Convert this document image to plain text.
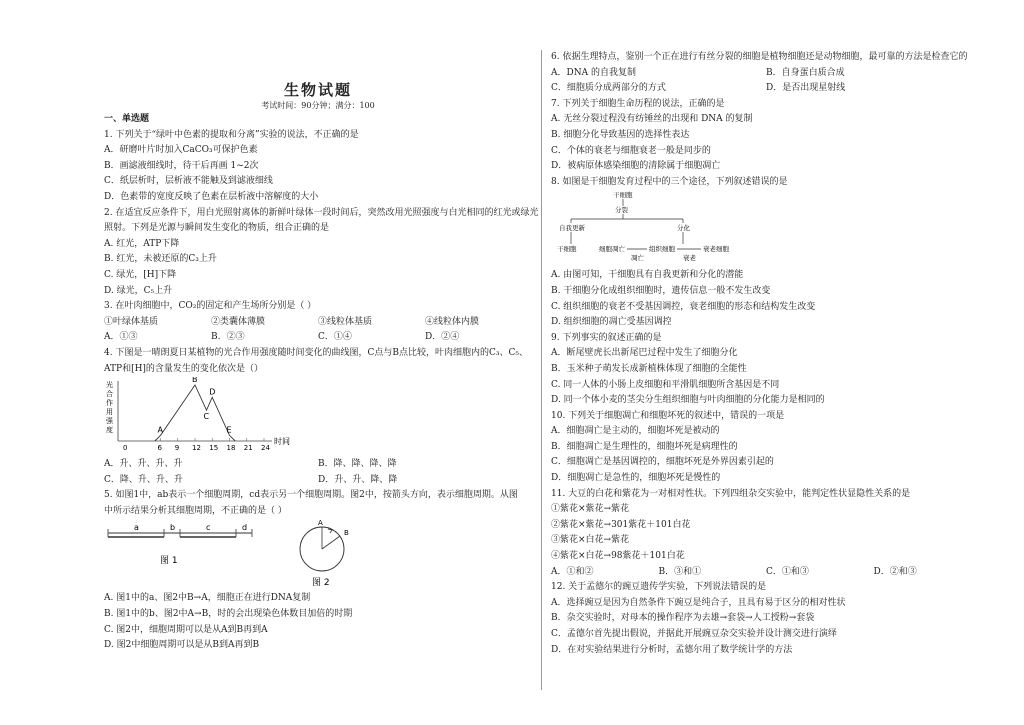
生物试题

考试时间：90分钟；满分：100

一、单选题

1. 下列关于“绿叶中色素的提取和分离”实验的说法，不正确的是

A．研磨叶片时加入CaCO₃可保护色素

B．画滤液细线时，待干后再画 1~2次

C．纸层析时，层析液不能触及到滤液细线

D．色素带的宽度反映了色素在层析液中溶解度的大小

2. 在适宜反应条件下，用白光照射离体的新鲜叶绿体一段时间后，突然改用光照强度与白光相同的红光或绿光

照射。下列是光源与瞬间发生变化的物质，组合正确的是

A. 红光，ATP下降

B. 红光，未被还原的C₃上升

C. 绿光，[H]下降

D. 绿光，C₅上升

3. 在叶肉细胞中，CO₂的固定和产生场所分别是（ ）

①叶绿体基质	②类囊体薄膜	③线粒体基质	④线粒体内膜
A．①③	B．②③	C．①④	D．②④

4. 下图是一晴朗夏日某植物的光合作用强度随时间变化的曲线图，C点与B点比较，叶肉细胞内的C₃、C₅、

ATP和[H]的含量发生的变化依次是（）

光
合
作
用
强
度
0	6 9 12 15 18 21 24
A
B
C
D
E
时间
A．升、升、升、升	B．降、降、降、降
C．降、升、升、升	D．升、升、降、降

5. 如图1中，ab表示一个细胞周期，cd表示另一个细胞周期。图2中，按箭头方向，表示细胞周期。从图

中所示结果分析其细胞周期，不正确的是（ ）

a	b	c	d
图 1
A
B
图 2

A. 图1中的a、图2中B→A，细胞正在进行DNA复制

B. 图1中的b、图2中A→B，时的会出现染色体数目加倍的时期

C. 图2中，细胞周期可以是从A到B再到A

D. 图2中细胞周期可以是从B到A再到B

6. 依据生理特点，鉴别一个正在进行有丝分裂的细胞是植物细胞还是动物细胞，最可靠的方法是检查它的

A．DNA 的自我复制	B．自身蛋白质合成
C．细胞质分成两部分的方式	D．是否出现星射线

7. 下列关于细胞生命历程的说法，正确的是

A. 无丝分裂过程没有纺锤丝的出现和 DNA 的复制

B. 细胞分化导致基因的选择性表达

C．个体的衰老与细胞衰老一般是同步的

D．被病原体感染细胞的清除属于细胞凋亡

8. 如图是干细胞发育过程中的三个途径，下列叙述错误的是

干细胞
分裂
自我更新	分化
干细胞	细胞凋亡	组织细胞	衰老细胞
凋亡	衰老

A. 由图可知，干细胞具有自我更新和分化的潜能

B. 干细胞分化成组织细胞时，遗传信息一般不发生改变

C. 组织细胞的衰老不受基因调控，衰老细胞的形态和结构发生改变

D. 组织细胞的凋亡受基因调控

9. 下列事实的叙述正确的是

A．断尾壁虎长出新尾巴过程中发生了细胞分化

B．玉米种子萌发长成新植株体现了细胞的全能性

C. 同一人体的小肠上皮细胞和平滑肌细胞所含基因是不同

D. 同一个体小麦的茎尖分生组织细胞与叶肉细胞的分化能力是相同的

10. 下列关于细胞凋亡和细胞坏死的叙述中，错误的一项是

A．细胞凋亡是主动的，细胞坏死是被动的

B．细胞凋亡是生理性的，细胞坏死是病理性的

C．细胞凋亡是基因调控的，细胞坏死是外界因素引起的

D．细胞凋亡是急性的，细胞坏死是慢性的

11. 大豆的白花和紫花为一对相对性状。下列四组杂交实验中，能判定性状显隐性关系的是

①紫花×紫花→紫花

②紫花×紫花→301紫花＋101白花

③紫花×白花→紫花

④紫花×白花→98紫花＋101白花

A．①和②	B．③和①	C．①和③	D．②和③

12. 关于孟德尔的豌豆遗传学实验，下列说法错误的是

A．选择豌豆是因为自然条件下豌豆是纯合子，且具有易于区分的相对性状

B．杂交实验时，对母本的操作程序为去雄→套袋→人工授粉→套袋

C．孟德尔首先提出假说，并据此开展豌豆杂交实验并设计测交进行演绎

D．在对实验结果进行分析时，孟德尔用了数学统计学的方法
